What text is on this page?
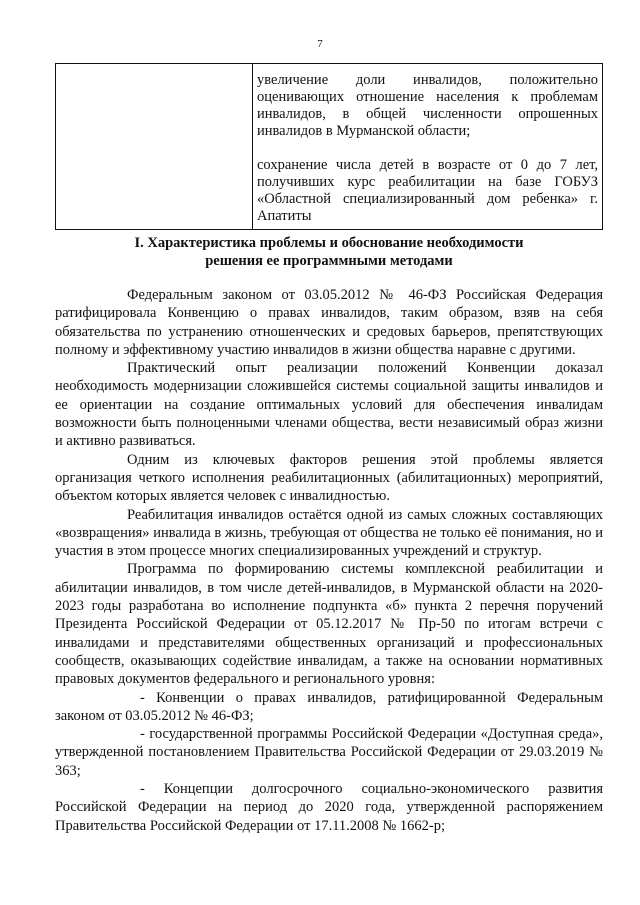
7

увеличение доли инвалидов, положительно оценивающих отношение населения к проблемам инвалидов, в общей численности опрошенных инвалидов в Мурманской области;

сохранение числа детей в возрасте от 0 до 7 лет, получивших курс реабилитации на базе ГОБУЗ «Областной специализированный дом ребенка» г. Апатиты

I. Характеристика проблемы и обоснование необходимости
решения ее программными методами

Федеральным законом от 03.05.2012 № 46-ФЗ Российская Федерация ратифицировала Конвенцию о правах инвалидов, таким образом, взяв на себя обязательства по устранению отношенческих и средовых барьеров, препятствующих полному и эффективному участию инвалидов в жизни общества наравне с другими.

Практический опыт реализации положений Конвенции доказал необходимость модернизации сложившейся системы социальной защиты инвалидов и ее ориентации на создание оптимальных условий для обеспечения инвалидам возможности быть полноценными членами общества, вести независимый образ жизни и активно развиваться.

Одним из ключевых факторов решения этой проблемы является организация четкого исполнения реабилитационных (абилитационных) мероприятий, объектом которых является человек с инвалидностью.

Реабилитация инвалидов остаётся одной из самых сложных составляющих «возвращения» инвалида в жизнь, требующая от общества не только её понимания, но и участия в этом процессе многих специализированных учреждений и структур.

Программа по формированию системы комплексной реабилитации и абилитации инвалидов, в том числе детей-инвалидов, в Мурманской области на 2020-2023 годы разработана во исполнение подпункта «б» пункта 2 перечня поручений Президента Российской Федерации от 05.12.2017 № Пр-50 по итогам встречи с инвалидами и представителями общественных организаций и профессиональных сообществ, оказывающих содействие инвалидам, а также на основании нормативных правовых документов федерального и регионального уровня:

- Конвенции о правах инвалидов, ратифицированной Федеральным законом от 03.05.2012 № 46-ФЗ;

- государственной программы Российской Федерации «Доступная среда», утвержденной постановлением Правительства Российской Федерации от 29.03.2019 № 363;

- Концепции долгосрочного социально-экономического развития Российской Федерации на период до 2020 года, утвержденной распоряжением Правительства Российской Федерации от 17.11.2008 № 1662-р;
